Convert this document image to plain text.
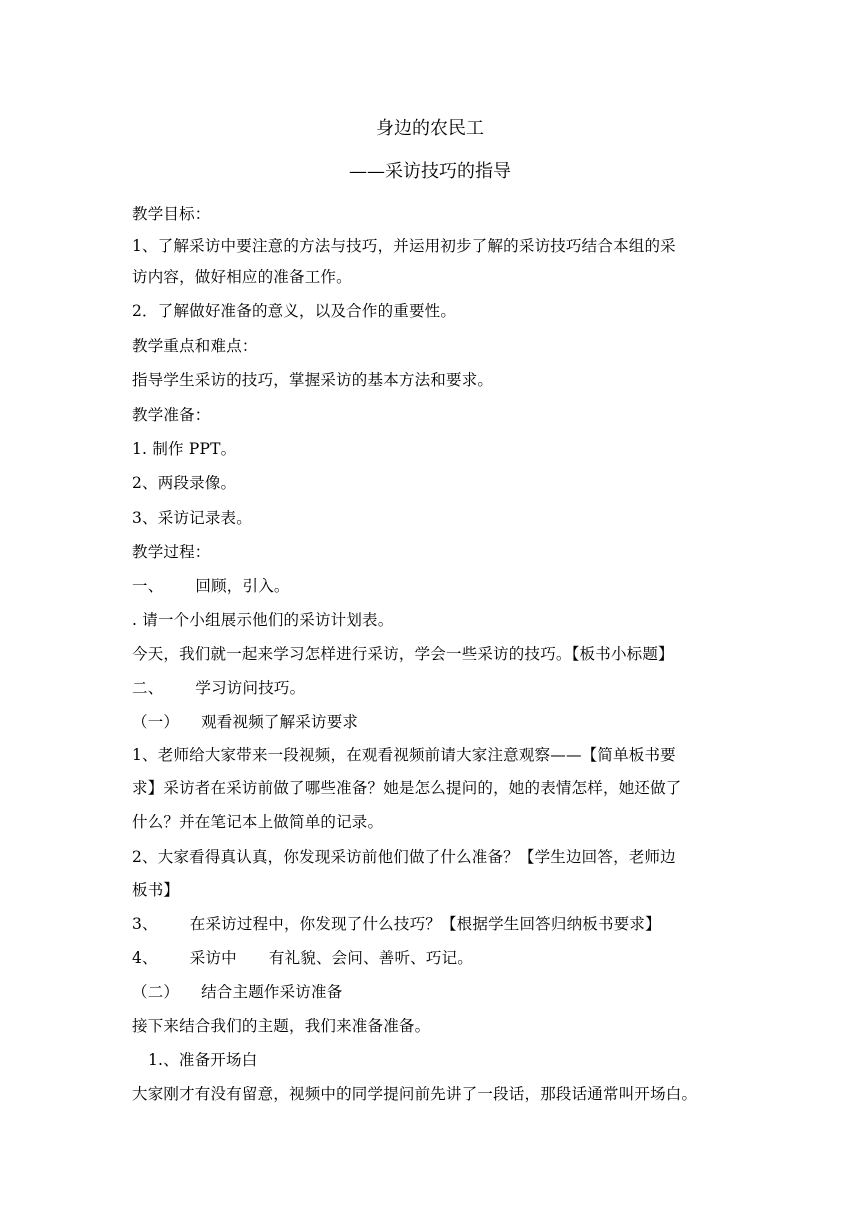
身边的农民工
——采访技巧的指导
教学目标：
1、了解采访中要注意的方法与技巧，并运用初步了解的采访技巧结合本组的采
访内容，做好相应的准备工作。
2．了解做好准备的意义，以及合作的重要性。
教学重点和难点：
指导学生采访的技巧，掌握采访的基本方法和要求。
教学准备：
1. 制作 PPT。
2、两段录像。
3、采访记录表。
教学过程：
一、 回顾，引入。
. 请一个小组展示他们的采访计划表。
今天，我们就一起来学习怎样进行采访，学会一些采访的技巧。【板书小标题】
二、 学习访问技巧。
（一） 观看视频了解采访要求
1、老师给大家带来一段视频，在观看视频前请大家注意观察——【简单板书要
求】采访者在采访前做了哪些准备？她是怎么提问的，她的表情怎样，她还做了
什么？并在笔记本上做简单的记录。
2、大家看得真认真，你发现采访前他们做了什么准备？【学生边回答，老师边
板书】
3、 在采访过程中，你发现了什么技巧？【根据学生回答归纳板书要求】
4、 采访中 有礼貌、会问、善听、巧记。
（二） 结合主题作采访准备
接下来结合我们的主题，我们来准备准备。
1.、准备开场白
大家刚才有没有留意，视频中的同学提问前先讲了一段话，那段话通常叫开场白。
